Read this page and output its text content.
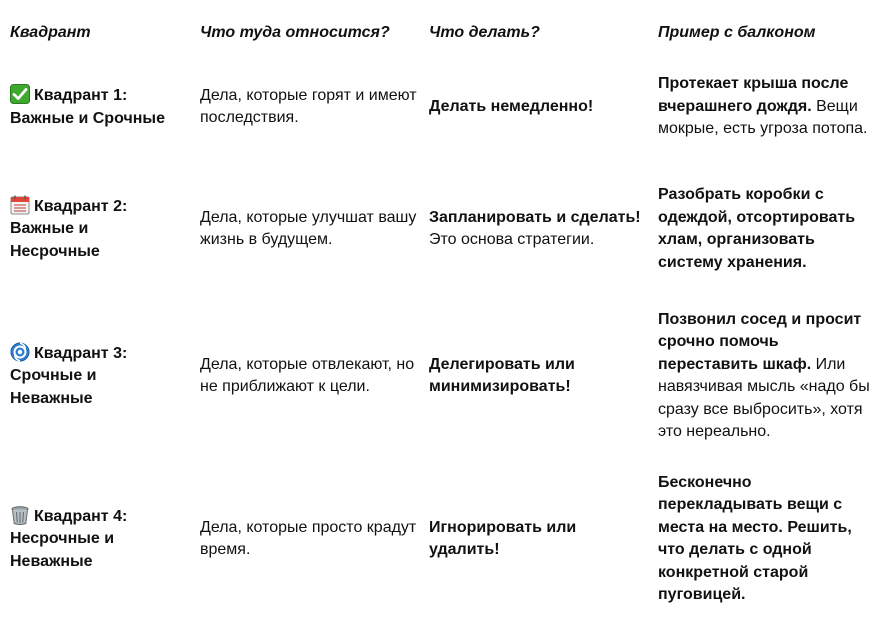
Квадрант	Что туда относится?	Что делать?	Пример с балконом

Квадрант 1:
Важные и Срочные	Дела, которые горят и имеют последствия.	Делать немедленно!	Протекает крыша после вчерашнего дождя. Вещи мокрые, есть угроза потопа.

Квадрант 2:
Важные и
Несрочные	Дела, которые улучшат вашу жизнь в будущем.	Запланировать и сделать! Это основа стратегии.	Разобрать коробки с одеждой, отсортировать хлам, организовать систему хранения.

Квадрант 3:
Срочные и
Неважные	Дела, которые отвлекают, но не приближают к цели.	Делегировать или минимизировать!	Позвонил сосед и просит срочно помочь переставить шкаф. Или навязчивая мысль «надо бы сразу все выбросить», хотя это нереально.

Квадрант 4:
Несрочные и
Неважные	Дела, которые просто крадут время.	Игнорировать или удалить!	Бесконечно перекладывать вещи с места на место. Решить, что делать с одной конкретной старой пуговицей.
